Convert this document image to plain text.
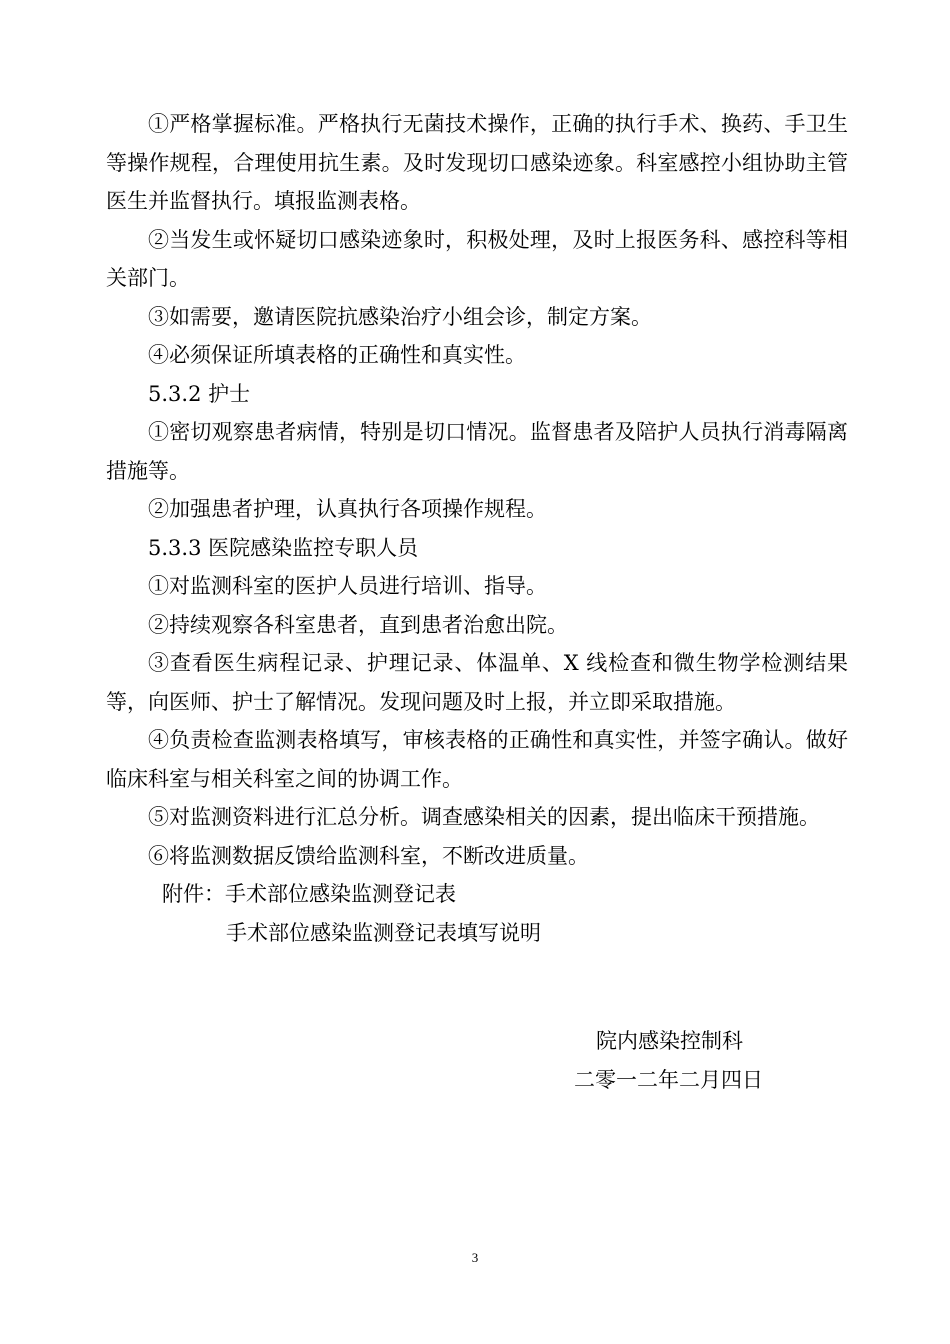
①严格掌握标准。严格执行无菌技术操作，正确的执行手术、换药、手卫生等操作规程，合理使用抗生素。及时发现切口感染迹象。科室感控小组协助主管医生并监督执行。填报监测表格。

②当发生或怀疑切口感染迹象时，积极处理，及时上报医务科、感控科等相关部门。

③如需要，邀请医院抗感染治疗小组会诊，制定方案。

④必须保证所填表格的正确性和真实性。

5.3.2 护士

①密切观察患者病情，特别是切口情况。监督患者及陪护人员执行消毒隔离措施等。

②加强患者护理，认真执行各项操作规程。

5.3.3 医院感染监控专职人员

①对监测科室的医护人员进行培训、指导。

②持续观察各科室患者，直到患者治愈出院。

③查看医生病程记录、护理记录、体温单、X 线检查和微生物学检测结果等，向医师、护士了解情况。发现问题及时上报，并立即采取措施。

④负责检查监测表格填写，审核表格的正确性和真实性，并签字确认。做好临床科室与相关科室之间的协调工作。

⑤对监测资料进行汇总分析。调查感染相关的因素，提出临床干预措施。

⑥将监测数据反馈给监测科室，不断改进质量。

附件：手术部位感染监测登记表

手术部位感染监测登记表填写说明

院内感染控制科

二零一二年二月四日

3
